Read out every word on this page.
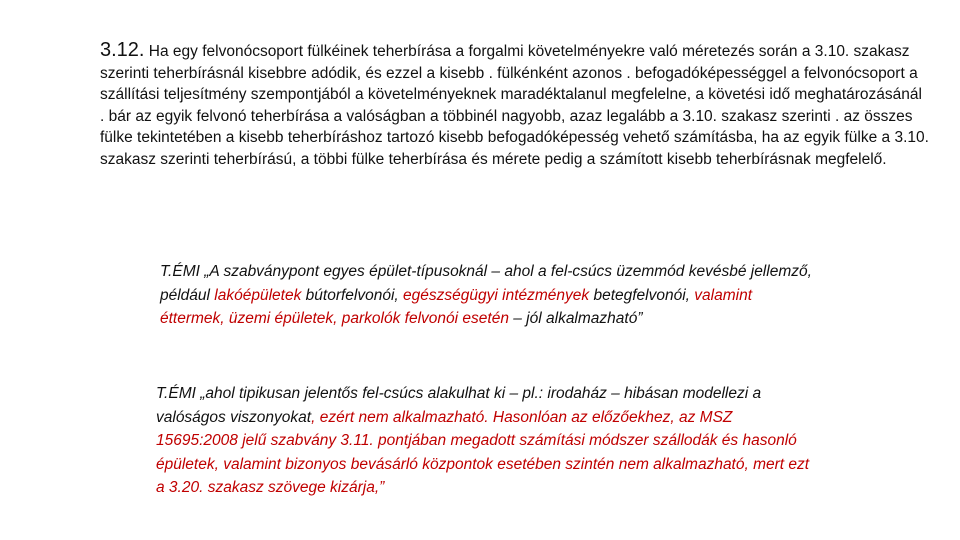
3.12. Ha egy felvonócsoport fülkéinek teherbírása a forgalmi követelményekre való méretezés során a 3.10. szakasz szerinti teherbírásnál kisebbre adódik, és ezzel a kisebb . fülkénként azonos . befogadóképességgel a felvonócsoport a szállítási teljesítmény szempontjából a követelményeknek maradéktalanul megfelelne, a követési idő meghatározásánál . bár az egyik felvonó teherbírása a valóságban a többinél nagyobb, azaz legalább a 3.10. szakasz szerinti . az összes fülke tekintetében a kisebb teherbíráshoz tartozó kisebb befogadóképesség vehető számításba, ha az egyik fülke a 3.10. szakasz szerinti teherbírású, a többi fülke teherbírása és mérete pedig a számított kisebb teherbírásnak megfelelő.

T.ÉMI „A szabványpont egyes épület-típusoknál – ahol a fel-csúcs üzemmód kevésbé jellemző, például lakóépületek bútorfelvonói, egészségügyi intézmények betegfelvonói, valamint éttermek, üzemi épületek, parkolók felvonói esetén – jól alkalmazható”

T.ÉMI „ahol tipikusan jelentős fel-csúcs alakulhat ki – pl.: irodaház – hibásan modellezi a valóságos viszonyokat, ezért nem alkalmazható. Hasonlóan az előzőekhez, az MSZ 15695:2008 jelű szabvány 3.11. pontjában megadott számítási módszer szállodák és hasonló épületek, valamint bizonyos bevásárló központok esetében szintén nem alkalmazható, mert ezt a 3.20. szakasz szövege kizárja,”
